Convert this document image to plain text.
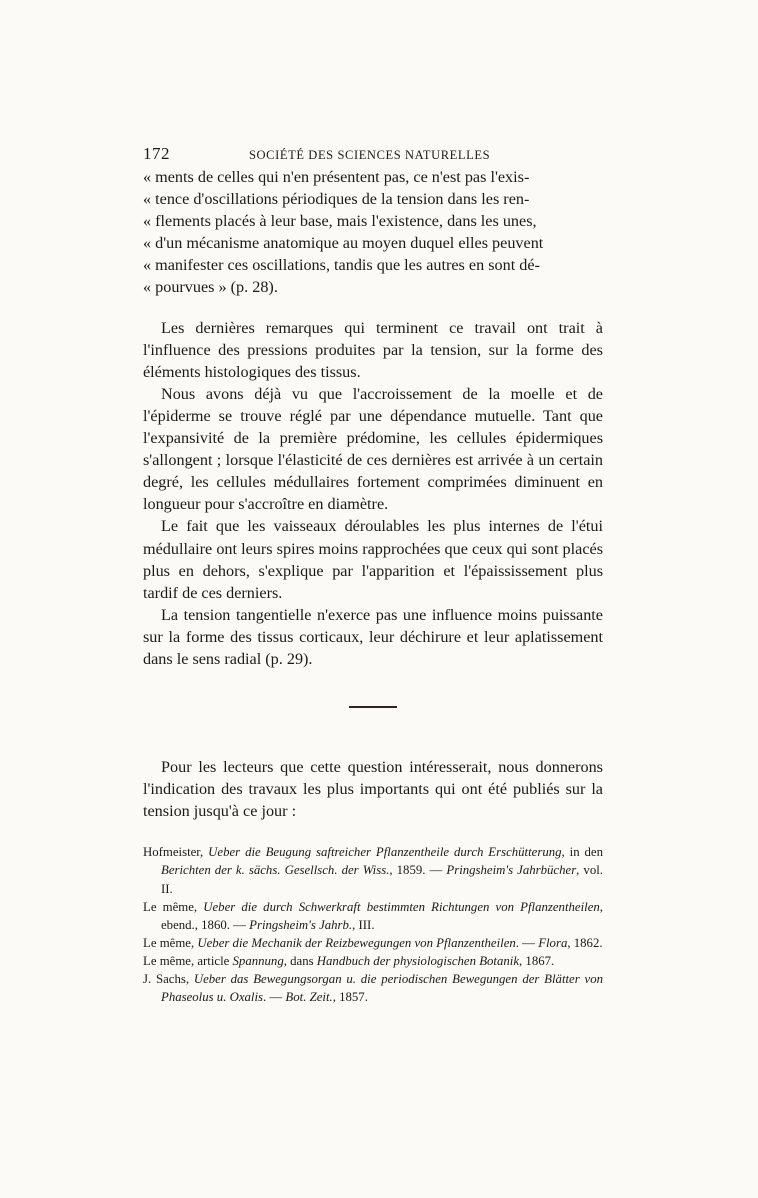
172	SOCIÉTÉ DES SCIENCES NATURELLES
« ments de celles qui n'en présentent pas, ce n'est pas l'exis-
« tence d'oscillations périodiques de la tension dans les ren-
« flements placés à leur base, mais l'existence, dans les unes,
« d'un mécanisme anatomique au moyen duquel elles peuvent
« manifester ces oscillations, tandis que les autres en sont dé-
« pourvues » (p. 28).

Les dernières remarques qui terminent ce travail ont trait à l'influence des pressions produites par la tension, sur la forme des éléments histologiques des tissus.

Nous avons déjà vu que l'accroissement de la moelle et de l'épiderme se trouve réglé par une dépendance mutuelle. Tant que l'expansivité de la première prédomine, les cellules épidermiques s'allongent ; lorsque l'élasticité de ces dernières est arrivée à un certain degré, les cellules médullaires fortement comprimées diminuent en longueur pour s'accroître en diamètre.

Le fait que les vaisseaux déroulables les plus internes de l'étui médullaire ont leurs spires moins rapprochées que ceux qui sont placés plus en dehors, s'explique par l'apparition et l'épaississement plus tardif de ces derniers.

La tension tangentielle n'exerce pas une influence moins puissante sur la forme des tissus corticaux, leur déchirure et leur aplatissement dans le sens radial (p. 29).

Pour les lecteurs que cette question intéresserait, nous donnerons l'indication des travaux les plus importants qui ont été publiés sur la tension jusqu'à ce jour :

Hofmeister, Ueber die Beugung saftreicher Pflanzentheile durch Erschütterung, in den Berichten der k. sächs. Gesellsch. der Wiss., 1859. — Pringsheim's Jahrbücher, vol. II.
Le même, Ueber die durch Schwerkraft bestimmten Richtungen von Pflanzentheilen, ebend., 1860. — Pringsheim's Jahrb., III.
Le même, Ueber die Mechanik der Reizbewegungen von Pflanzentheilen. — Flora, 1862.
Le même, article Spannung, dans Handbuch der physiologischen Botanik, 1867.
J. Sachs, Ueber das Bewegungsorgan u. die periodischen Bewegungen der Blätter von Phaseolus u. Oxalis. — Bot. Zeit., 1857.
